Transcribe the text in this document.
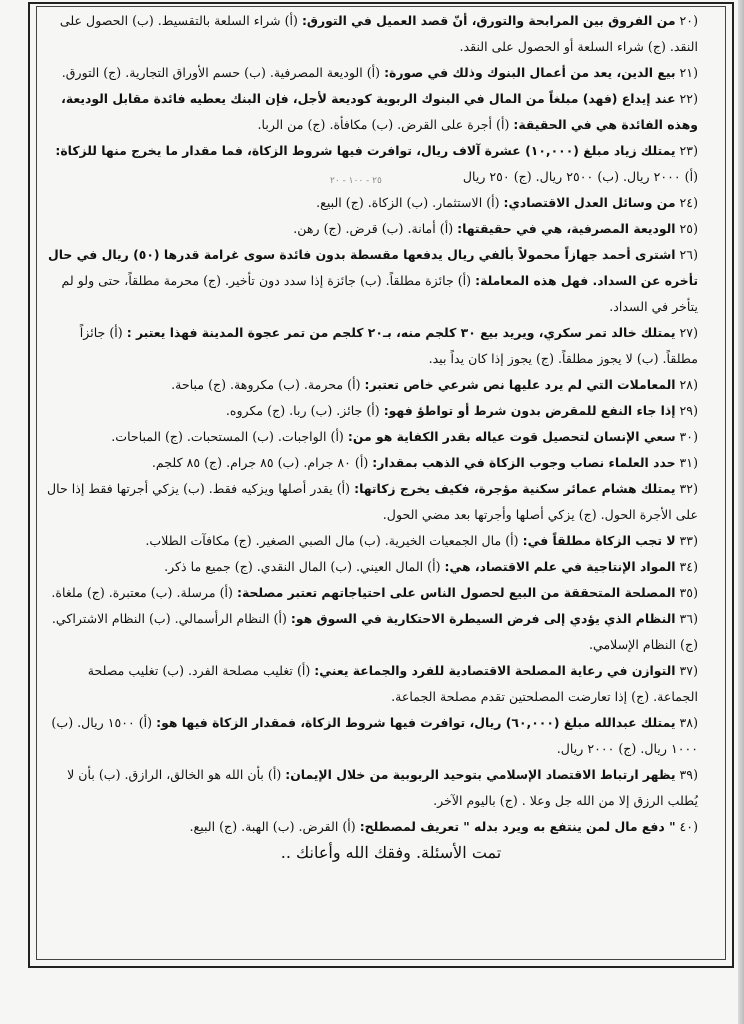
٢٥ - ١٠٠ - ٢٠

(٢٠من الفروق بين المرابحة والتورق، أنّ قصد العميل في التورق: (أ) شراء السلعة بالتقسيط. (ب) الحصول على النقد. (ج) شراء السلعة أو الحصول على النقد.

(٢١بيع الدين، يعد من أعمال البنوك وذلك في صورة: (أ) الوديعة المصرفية. (ب) حسم الأوراق التجارية. (ج) التورق.

(٢٢عند إيداع (فهد) مبلغاً من المال في البنوك الربوية كوديعة لأجل، فإن البنك يعطيه فائدة مقابل الوديعة، وهذه الفائدة هي في الحقيقة: (أ) أجرة على القرض. (ب) مكافأة. (ج) من الربا.

(٢٣يمتلك زياد مبلغ (١٠,٠٠٠) عشرة آلاف ريال، توافرت فيها شروط الزكاة، فما مقدار ما يخرج منها للزكاة: (أ) ٢٠٠٠ ريال. (ب) ٢٥٠٠ ريال. (ج) ٢٥٠ ريال

(٢٤من وسائل العدل الاقتصادي: (أ) الاستثمار. (ب) الزكاة. (ج) البيع.

(٢٥الوديعة المصرفية، هي في حقيقتها: (أ) أمانة. (ب) قرض. (ج) رهن.

(٢٦اشترى أحمد جهازاً محمولاً بألفي ريال يدفعها مقسطة بدون فائدة سوى غرامة قدرها (٥٠) ريال في حال تأخره عن السداد. فهل هذه المعاملة: (أ) جائزة مطلقاً. (ب) جائزة إذا سدد دون تأخير. (ج) محرمة مطلقاً، حتى ولو لم يتأخر في السداد.

(٢٧يمتلك خالد تمر سكري، ويريد بيع ٣٠ كلجم منه، بـ٢٠ كلجم من تمر عجوة المدينة فهذا يعتبر : (أ) جائزاً مطلقاً. (ب) لا يجوز مطلقاً. (ج) يجوز إذا كان يداً بيد.

(٢٨المعاملات التي لم يرد عليها نص شرعي خاص تعتبر: (أ) محرمة. (ب) مكروهة. (ج) مباحة.

(٢٩إذا جاء النفع للمقرض بدون شرط أو تواطؤ فهو: (أ) جائز. (ب) ربا. (ج) مكروه.

(٣٠سعي الإنسان لتحصيل قوت عياله بقدر الكفاية هو من: (أ) الواجبات. (ب) المستحبات. (ج) المباحات.

(٣١حدد العلماء نصاب وجوب الزكاة في الذهب بمقدار: (أ) ٨٠ جرام. (ب) ٨٥ جرام. (ج) ٨٥ كلجم.

(٣٢يمتلك هشام عمائر سكنية مؤجرة، فكيف يخرج زكاتها: (أ) يقدر أصلها ويزكيه فقط. (ب) يزكي أجرتها فقط إذا حال على الأجرة الحول. (ج) يزكي أصلها وأجرتها بعد مضي الحول.

(٣٣لا تجب الزكاة مطلقاً في: (أ) مال الجمعيات الخيرية. (ب) مال الصبي الصغير. (ج) مكافآت الطلاب.

(٣٤المواد الإنتاجية في علم الاقتصاد، هي: (أ) المال العيني. (ب) المال النقدي. (ج) جميع ما ذكر.

(٣٥المصلحة المتحققة من البيع لحصول الناس على احتياجاتهم تعتبر مصلحة: (أ) مرسلة. (ب) معتبرة. (ج) ملغاة.

(٣٦النظام الذي يؤدي إلى فرض السيطرة الاحتكارية في السوق هو: (أ) النظام الرأسمالي. (ب) النظام الاشتراكي. (ج) النظام الإسلامي.

(٣٧التوازن في رعاية المصلحة الاقتصادية للفرد والجماعة يعني: (أ) تغليب مصلحة الفرد. (ب) تغليب مصلحة الجماعة. (ج) إذا تعارضت المصلحتين تقدم مصلحة الجماعة.

(٣٨يمتلك عبدالله مبلغ (٦٠,٠٠٠) ريال، توافرت فيها شروط الزكاة، فمقدار الزكاة فيها هو: (أ) ١٥٠٠ ريال. (ب) ١٠٠٠ ريال. (ج) ٢٠٠٠ ريال.

(٣٩يظهر ارتباط الاقتصاد الإسلامي بتوحيد الربوبية من خلال الإيمان: (أ) بأن الله هو الخالق، الرازق. (ب) بأن لا يُطلب الرزق إلا من الله جل وعلا . (ج) باليوم الآخر.

(٤٠" دفع مال لمن ينتفع به ويرد بدله " تعريف لمصطلح: (أ) القرض. (ب) الهبة. (ج) البيع.

تمت الأسئلة. وفقك الله وأعانك ..
